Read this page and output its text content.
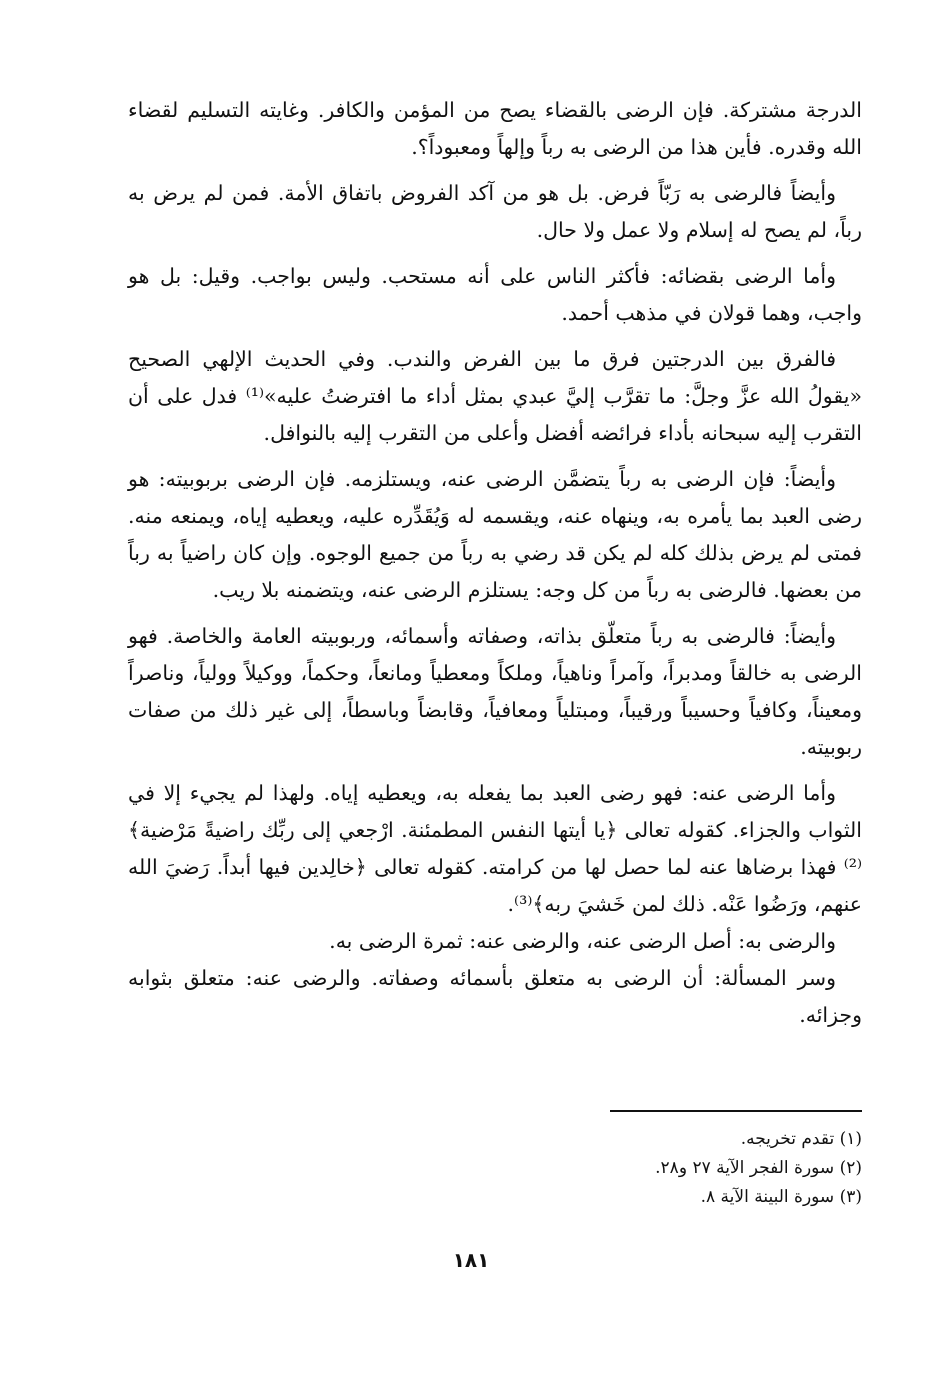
الدرجة مشتركة. فإن الرضى بالقضاء يصح من المؤمن والكافر. وغايته التسليم لقضاء الله وقدره. فأين هذا من الرضى به رباً وإلهاً ومعبوداً؟.

وأيضاً فالرضى به رَبّاً فرض. بل هو من آكد الفروض باتفاق الأمة. فمن لم يرض به رباً، لم يصح له إسلام ولا عمل ولا حال.

وأما الرضى بقضائه: فأكثر الناس على أنه مستحب. وليس بواجب. وقيل: بل هو واجب، وهما قولان في مذهب أحمد.

فالفرق بين الدرجتين فرق ما بين الفرض والندب. وفي الحديث الإلهي الصحيح «يقولُ الله عزَّ وجلَّ: ما تقرَّب إليَّ عبدي بمثل أداء ما افترضتُ عليه»⁽¹⁾ فدل على أن التقرب إليه سبحانه بأداء فرائضه أفضل وأعلى من التقرب إليه بالنوافل.

وأيضاً: فإن الرضى به رباً يتضمَّن الرضى عنه، ويستلزمه. فإن الرضى بربوبيته: هو رضى العبد بما يأمره به، وينهاه عنه، ويقسمه له وَيُقَدِّره عليه، ويعطيه إياه، ويمنعه منه. فمتى لم يرض بذلك كله لم يكن قد رضي به رباً من جميع الوجوه. وإن كان راضياً به رباً من بعضها. فالرضى به رباً من كل وجه: يستلزم الرضى عنه، ويتضمنه بلا ريب.

وأيضاً: فالرضى به رباً متعلّق بذاته، وصفاته وأسمائه، وربوبيته العامة والخاصة. فهو الرضى به خالقاً ومدبراً، وآمراً وناهياً، وملكاً ومعطياً ومانعاً، وحكماً، ووكيلاً وولياً، وناصراً ومعيناً، وكافياً وحسيباً ورقيباً، ومبتلياً ومعافياً، وقابضاً وباسطاً، إلى غير ذلك من صفات ربوبيته.

وأما الرضى عنه: فهو رضى العبد بما يفعله به، ويعطيه إياه. ولهذا لم يجيء إلا في الثواب والجزاء. كقوله تعالى ﴿يا أيتها النفس المطمئنة. ارْجعي إلى ربِّك راضيةً مَرْضية﴾⁽²⁾ فهذا برضاها عنه لما حصل لها من كرامته. كقوله تعالى ﴿خالِدين فيها أبداً. رَضيَ الله عنهم، ورَضُوا عَنْه. ذلك لمن خَشيَ ربه﴾⁽³⁾.

والرضى به: أصل الرضى عنه، والرضى عنه: ثمرة الرضى به.

وسر المسألة: أن الرضى به متعلق بأسمائه وصفاته. والرضى عنه: متعلق بثوابه وجزائه.

(١) تقدم تخريجه.

(٢) سورة الفجر الآية ٢٧ و٢٨.

(٣) سورة البينة الآية ٨.

١٨١
